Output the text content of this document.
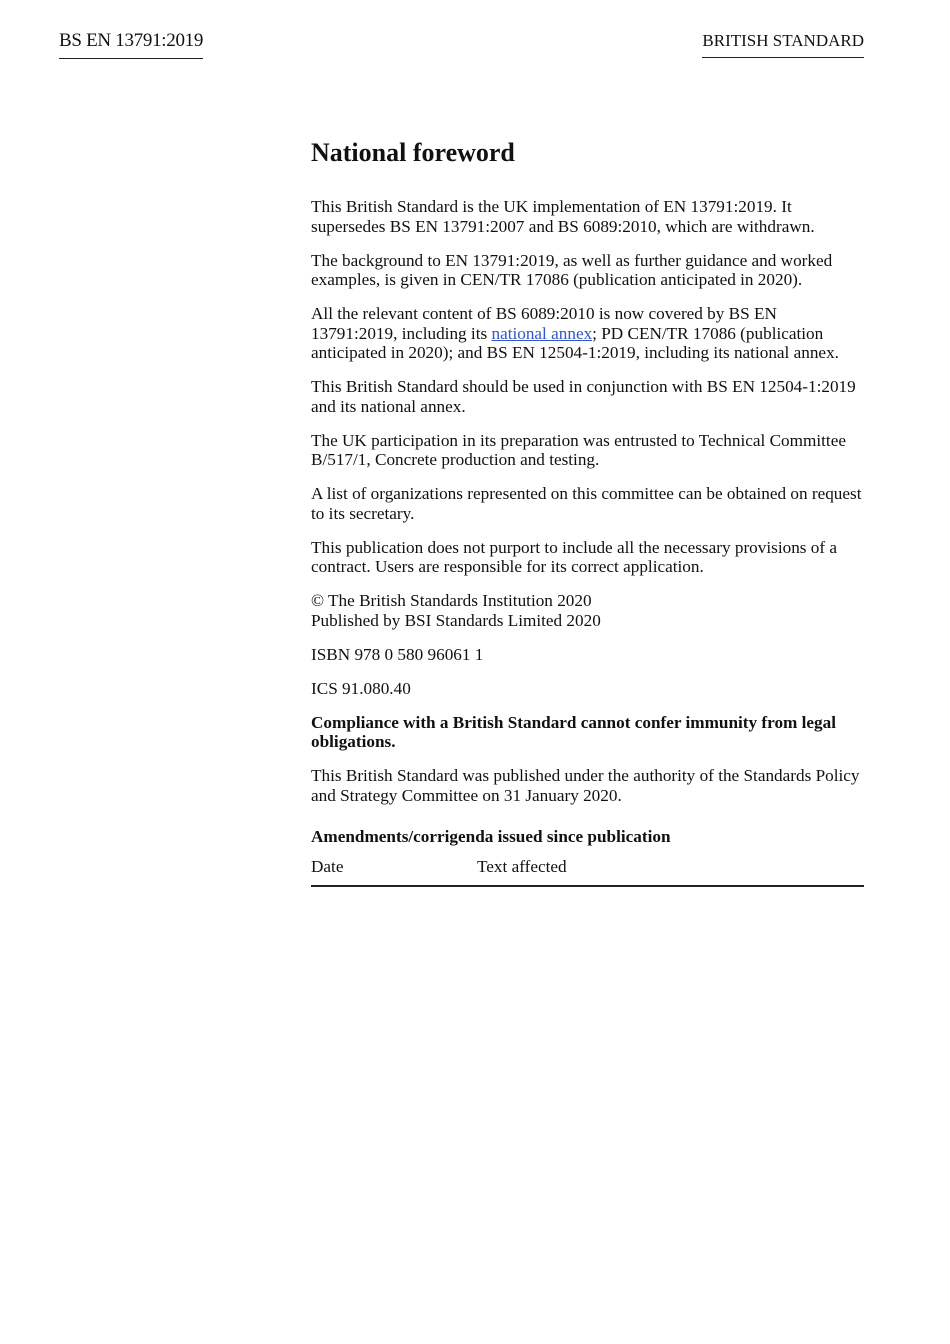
BS EN 13791:2019	BRITISH STANDARD
National foreword

This British Standard is the UK implementation of EN 13791:2019. It supersedes BS EN 13791:2007 and BS 6089:2010, which are withdrawn.

The background to EN 13791:2019, as well as further guidance and worked examples, is given in CEN/TR 17086 (publication anticipated in 2020).

All the relevant content of BS 6089:2010 is now covered by BS EN 13791:2019, including its national annex; PD CEN/TR 17086 (publication anticipated in 2020); and BS EN 12504-1:2019, including its national annex.

This British Standard should be used in conjunction with BS EN 12504-1:2019 and its national annex.

The UK participation in its preparation was entrusted to Technical Committee B/517/1, Concrete production and testing.

A list of organizations represented on this committee can be obtained on request to its secretary.

This publication does not purport to include all the necessary provisions of a contract. Users are responsible for its correct application.

© The British Standards Institution 2020
Published by BSI Standards Limited 2020

ISBN 978 0 580 96061 1

ICS 91.080.40

Compliance with a British Standard cannot confer immunity from legal obligations.

This British Standard was published under the authority of the Standards Policy and Strategy Committee on 31 January 2020.

Amendments/corrigenda issued since publication
Date	Text affected
